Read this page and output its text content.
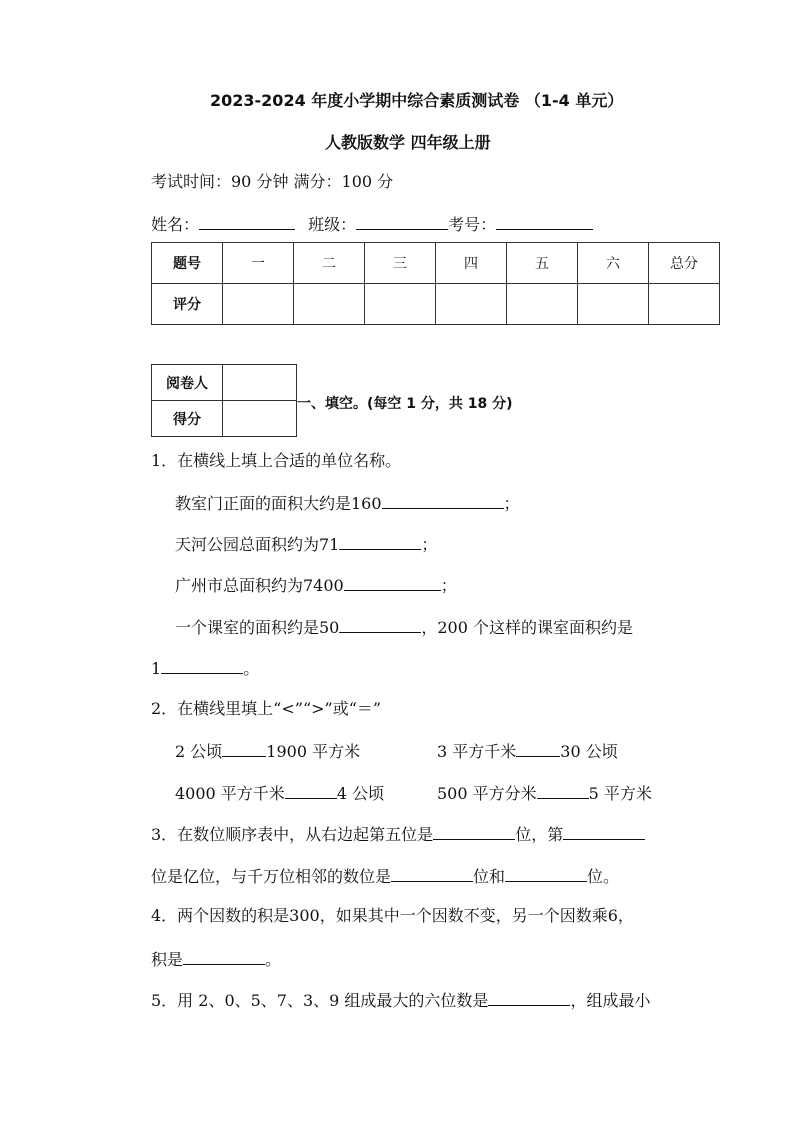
2023-2024 年度小学期中综合素质测试卷 （1-4 单元）
人教版数学 四年级上册
考试时间：90 分钟 满分：100 分
姓名：	班级：	考号：
题号	一	二	三	四	五	六	总分
评分							
阅卷人	
得分	
一、填空。(每空 1 分，共 18 分)
1．在横线上填上合适的单位名称。
教室门正面的面积大约是160	；
天河公园总面积约为71	；
广州市总面积约为7400	；
一个课室的面积约是50	，200 个这样的课室面积约是
1	。
2．在横线里填上“<”“>”或“＝”
2 公顷	1900 平方米	3 平方千米	30 公顷
4000 平方千米	4 公顷	500 平方分米	5 平方米
3．在数位顺序表中，从右边起第五位是	位，第
位是亿位，与千万位相邻的数位是	位和	位。
4．两个因数的积是300，如果其中一个因数不变，另一个因数乘6，
积是	。
5．用 2、0、5、7、3、9 组成最大的六位数是	，组成最小
